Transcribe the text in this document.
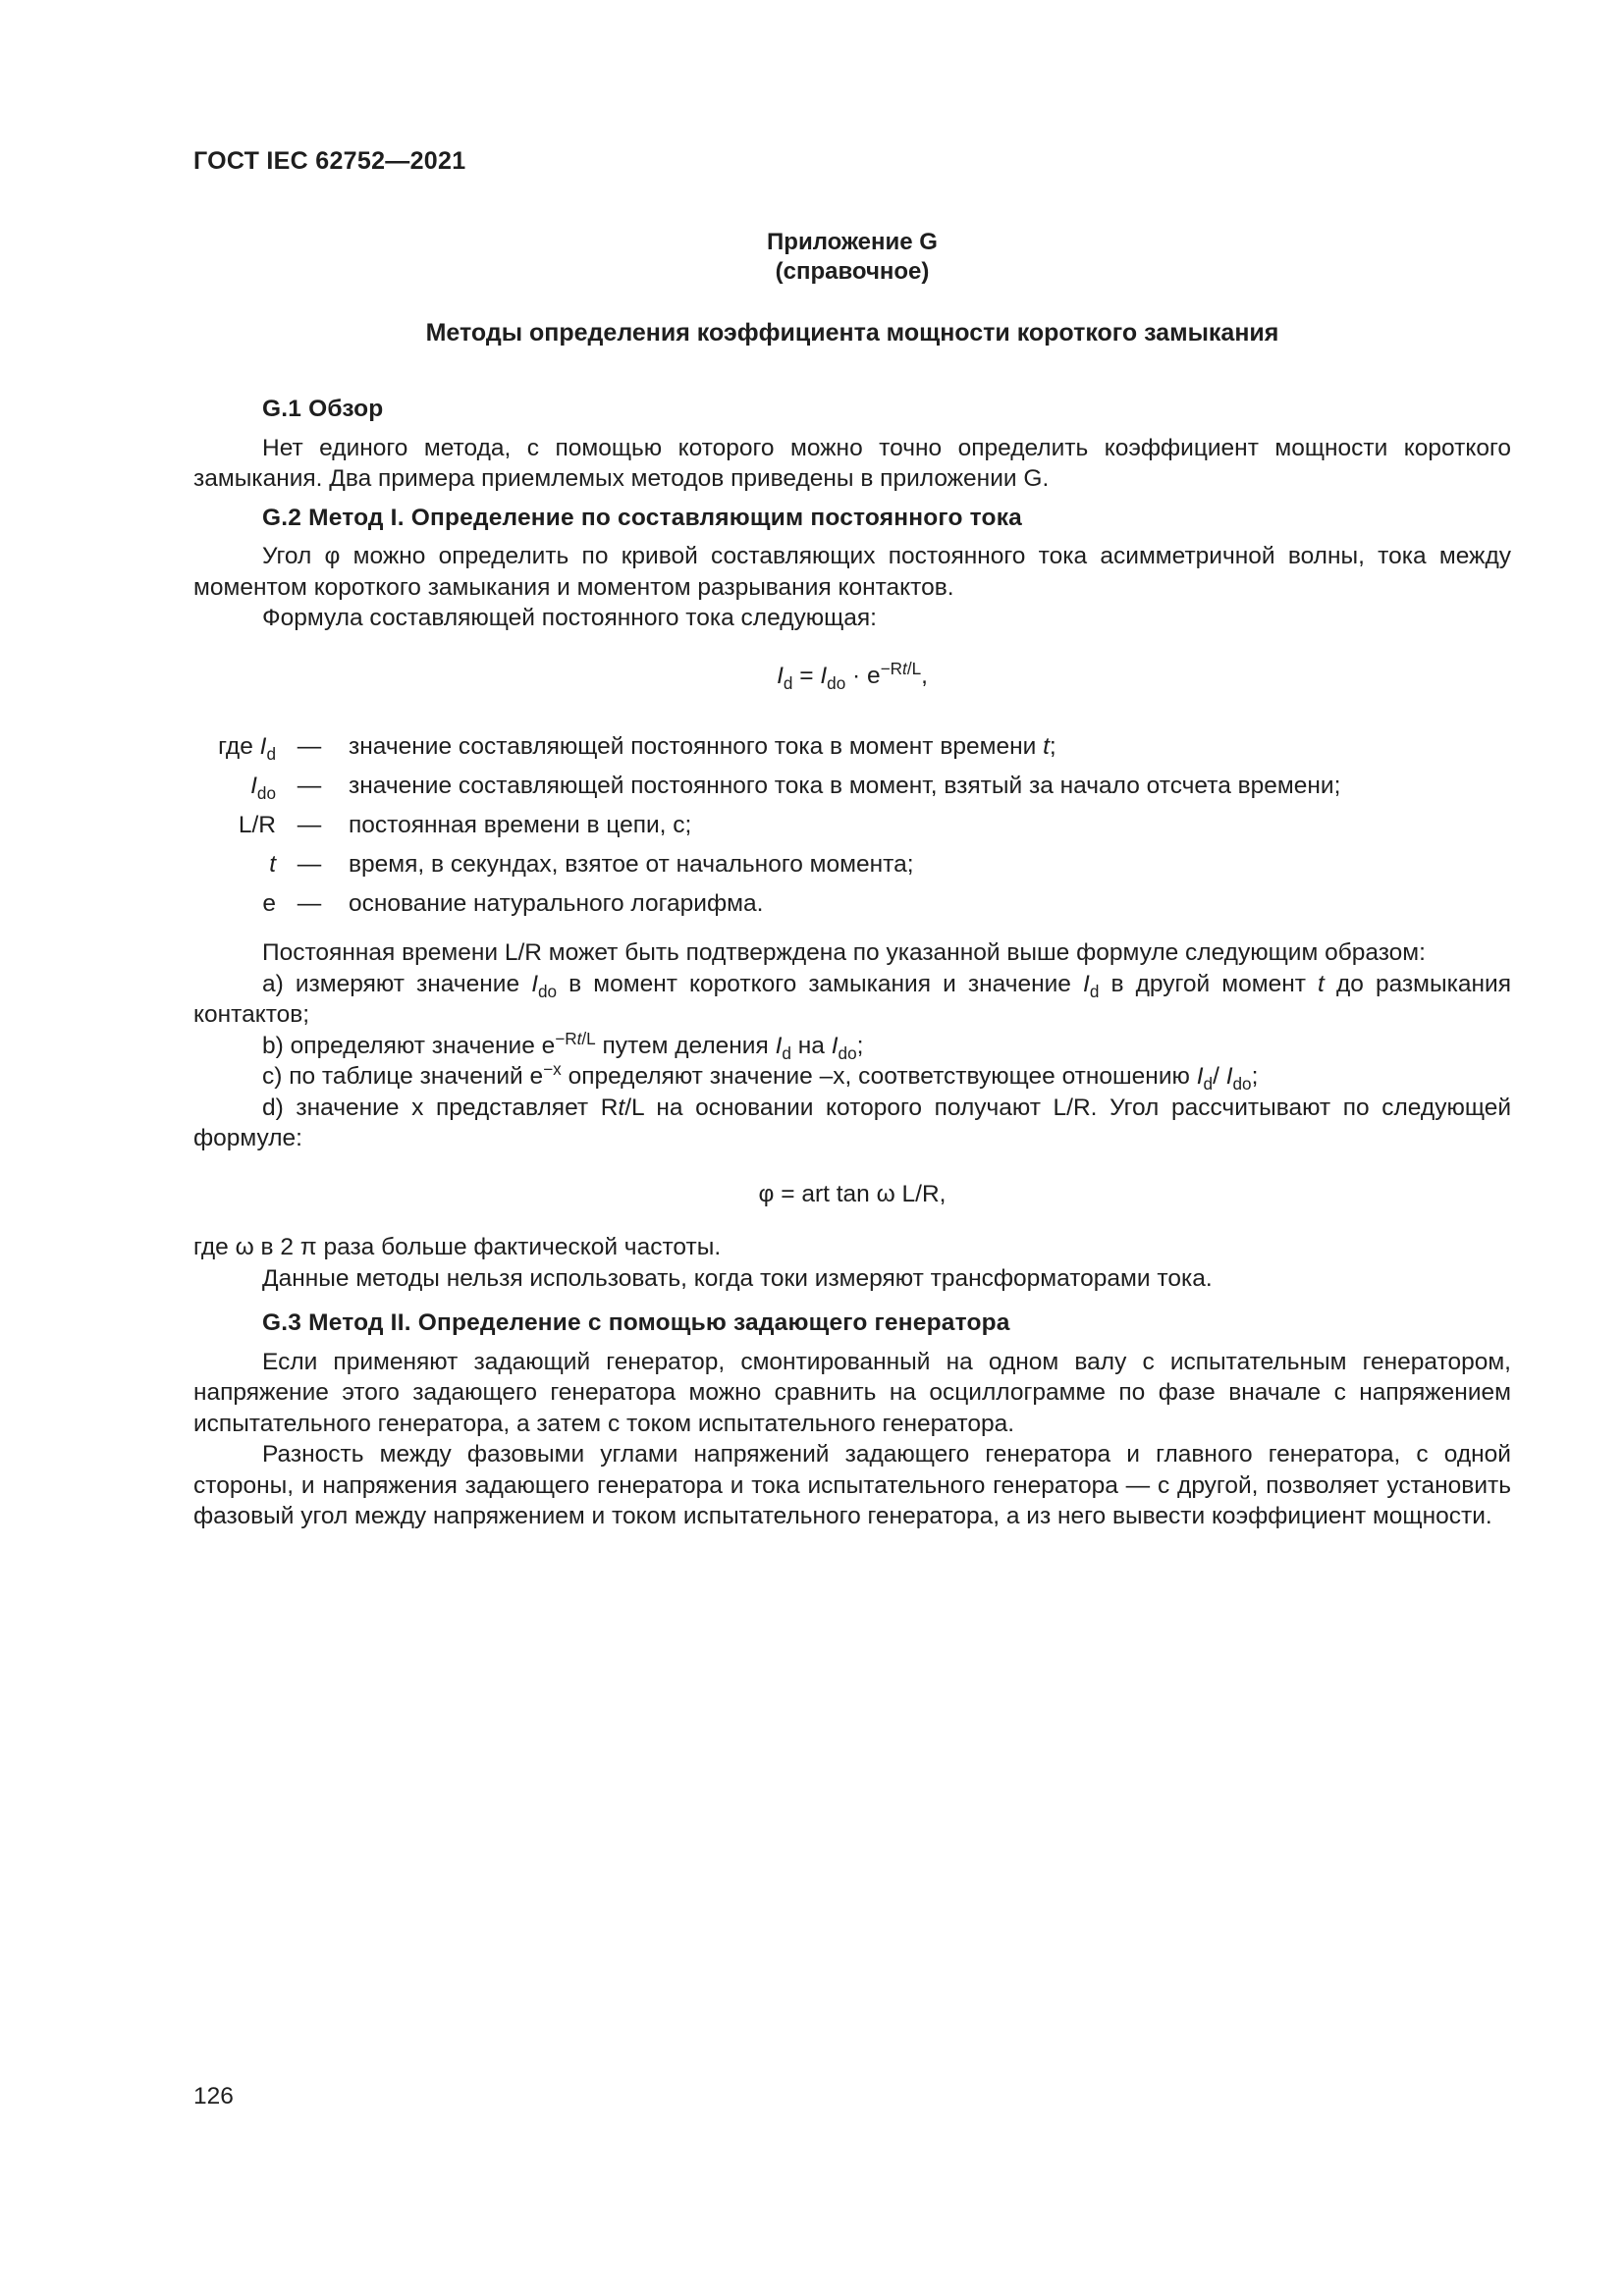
ГОСТ IEC 62752—2021
Приложение G
(справочное)
Методы определения коэффициента мощности короткого замыкания

G.1 Обзор

Нет единого метода, с помощью которого можно точно определить коэффициент мощности короткого замыкания. Два примера приемлемых методов приведены в приложении G.

G.2 Метод I. Определение по составляющим постоянного тока

Угол φ можно определить по кривой составляющих постоянного тока асимметричной волны, тока между моментом короткого замыкания и моментом разрывания контактов.

Формула составляющей постоянного тока следующая:

$I_d = I_{do} \cdot e^{-Rt/L}$,

где $I_d$	—	значение составляющей постоянного тока в момент времени t;
$I_{do}$	—	значение составляющей постоянного тока в момент, взятый за начало отсчета времени;
L/R	—	постоянная времени в цепи, с;
t	—	время, в секундах, взятое от начального момента;
e	—	основание натурального логарифма.

Постоянная времени L/R может быть подтверждена по указанной выше формуле следующим образом:

a) измеряют значение $I_{do}$ в момент короткого замыкания и значение $I_d$ в другой момент t до размыкания контактов;

b) определяют значение $e^{-Rt/L}$ путем деления $I_d$ на $I_{do}$;

c) по таблице значений $e^{-x}$ определяют значение –x, соответствующее отношению $I_d/$ $I_{do}$;

d) значение x представляет Rt/L на основании которого получают L/R. Угол рассчитывают по следующей формуле:

φ = art tan ω L/R,

где ω в 2 π раза больше фактической частоты.

Данные методы нельзя использовать, когда токи измеряют трансформаторами тока.

G.3 Метод II. Определение с помощью задающего генератора

Если применяют задающий генератор, смонтированный на одном валу с испытательным генератором, напряжение этого задающего генератора можно сравнить на осциллограмме по фазе вначале с напряжением испытательного генератора, а затем с током испытательного генератора.

Разность между фазовыми углами напряжений задающего генератора и главного генератора, с одной стороны, и напряжения задающего генератора и тока испытательного генератора — с другой, позволяет установить фазовый угол между напряжением и током испытательного генератора, а из него вывести коэффициент мощности.

126
